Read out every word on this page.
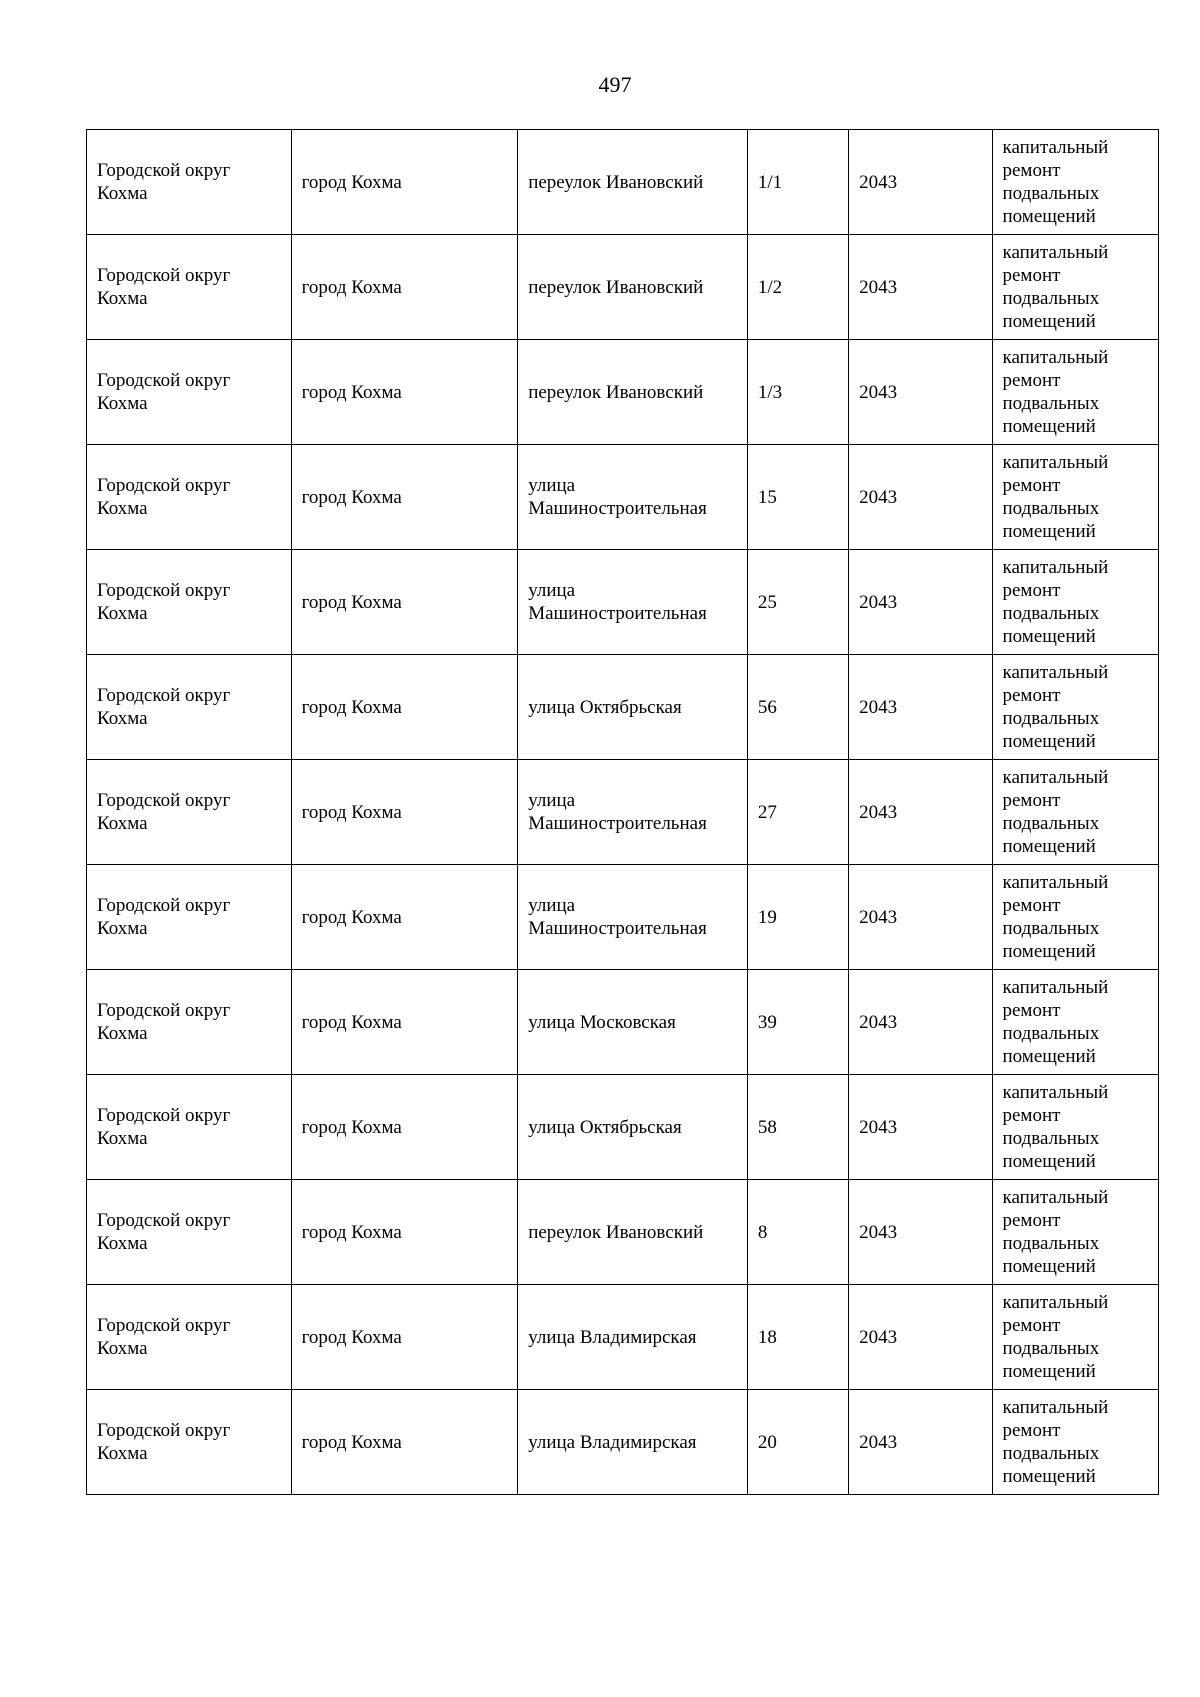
497
Городской округ Кохма	город Кохма	переулок Ивановский	1/1	2043	капитальный ремонт подвальных помещений
Городской округ Кохма	город Кохма	переулок Ивановский	1/2	2043	капитальный ремонт подвальных помещений
Городской округ Кохма	город Кохма	переулок Ивановский	1/3	2043	капитальный ремонт подвальных помещений
Городской округ Кохма	город Кохма	улица Машиностроительная	15	2043	капитальный ремонт подвальных помещений
Городской округ Кохма	город Кохма	улица Машиностроительная	25	2043	капитальный ремонт подвальных помещений
Городской округ Кохма	город Кохма	улица Октябрьская	56	2043	капитальный ремонт подвальных помещений
Городской округ Кохма	город Кохма	улица Машиностроительная	27	2043	капитальный ремонт подвальных помещений
Городской округ Кохма	город Кохма	улица Машиностроительная	19	2043	капитальный ремонт подвальных помещений
Городской округ Кохма	город Кохма	улица Московская	39	2043	капитальный ремонт подвальных помещений
Городской округ Кохма	город Кохма	улица Октябрьская	58	2043	капитальный ремонт подвальных помещений
Городской округ Кохма	город Кохма	переулок Ивановский	8	2043	капитальный ремонт подвальных помещений
Городской округ Кохма	город Кохма	улица Владимирская	18	2043	капитальный ремонт подвальных помещений
Городской округ Кохма	город Кохма	улица Владимирская	20	2043	капитальный ремонт подвальных помещений
